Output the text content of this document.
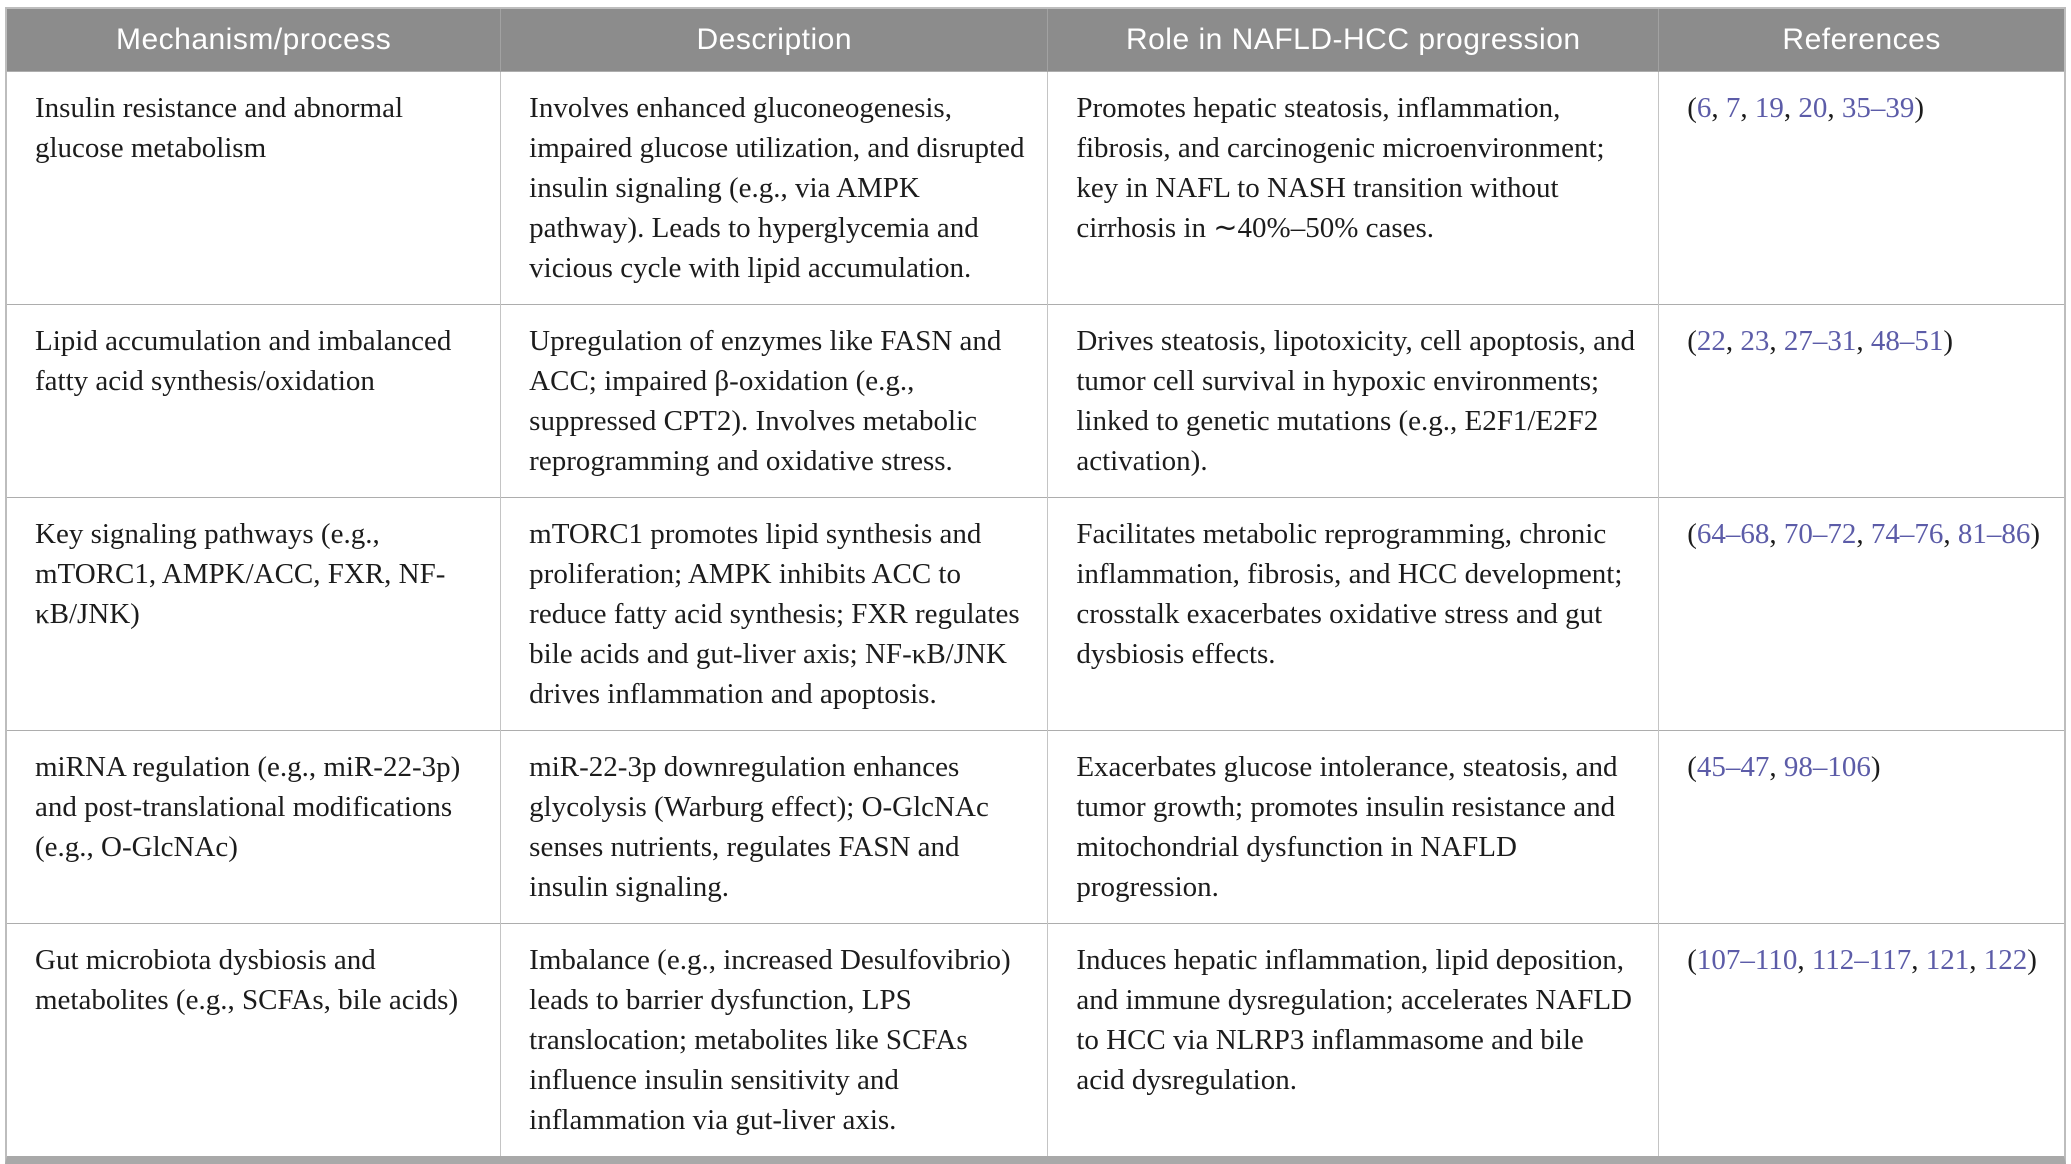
Mechanism/process	Description	Role in NAFLD-HCC progression	References
Insulin resistance and abnormal glucose metabolism	Involves enhanced gluconeogenesis, impaired glucose utilization, and disrupted insulin signaling (e.g., via AMPK pathway). Leads to hyperglycemia and vicious cycle with lipid accumulation.	Promotes hepatic steatosis, inflammation, fibrosis, and carcinogenic microenvironment; key in NAFL to NASH transition without cirrhosis in ∼40%–50% cases.	(6, 7, 19, 20, 35–39)
Lipid accumulation and imbalanced fatty acid synthesis/oxidation	Upregulation of enzymes like FASN and ACC; impaired β-oxidation (e.g., suppressed CPT2). Involves metabolic reprogramming and oxidative stress.	Drives steatosis, lipotoxicity, cell apoptosis, and tumor cell survival in hypoxic environments; linked to genetic mutations (e.g., E2F1/E2F2 activation).	(22, 23, 27–31, 48–51)
Key signaling pathways (e.g., mTORC1, AMPK/ACC, FXR, NF-κB/JNK)	mTORC1 promotes lipid synthesis and proliferation; AMPK inhibits ACC to reduce fatty acid synthesis; FXR regulates bile acids and gut-liver axis; NF-κB/JNK drives inflammation and apoptosis.	Facilitates metabolic reprogramming, chronic inflammation, fibrosis, and HCC development; crosstalk exacerbates oxidative stress and gut dysbiosis effects.	(64–68, 70–72, 74–76, 81–86)
miRNA regulation (e.g., miR-22-3p) and post-translational modifications (e.g., O-GlcNAc)	miR-22-3p downregulation enhances glycolysis (Warburg effect); O-GlcNAc senses nutrients, regulates FASN and insulin signaling.	Exacerbates glucose intolerance, steatosis, and tumor growth; promotes insulin resistance and mitochondrial dysfunction in NAFLD progression.	(45–47, 98–106)
Gut microbiota dysbiosis and metabolites (e.g., SCFAs, bile acids)	Imbalance (e.g., increased Desulfovibrio) leads to barrier dysfunction, LPS translocation; metabolites like SCFAs influence insulin sensitivity and inflammation via gut-liver axis.	Induces hepatic inflammation, lipid deposition, and immune dysregulation; accelerates NAFLD to HCC via NLRP3 inflammasome and bile acid dysregulation.	(107–110, 112–117, 121, 122)
